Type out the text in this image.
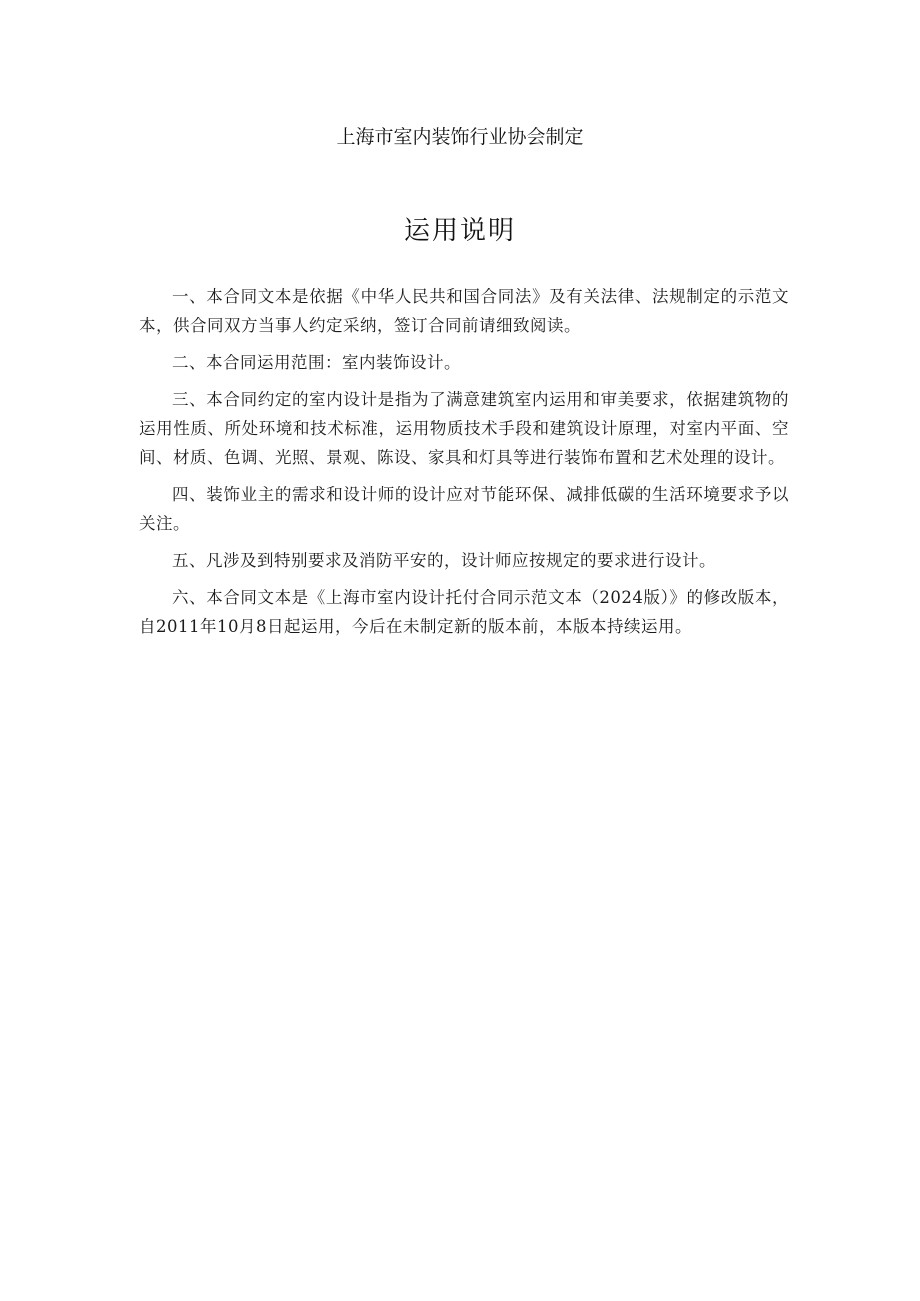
上海市室内装饰行业协会制定
运用说明

一、本合同文本是依据《中华人民共和国合同法》及有关法律、法规制定的示范文本，供合同双方当事人约定采纳，签订合同前请细致阅读。

二、本合同运用范围：室内装饰设计。

三、本合同约定的室内设计是指为了满意建筑室内运用和审美要求，依据建筑物的运用性质、所处环境和技术标准，运用物质技术手段和建筑设计原理，对室内平面、空间、材质、色调、光照、景观、陈设、家具和灯具等进行装饰布置和艺术处理的设计。

四、装饰业主的需求和设计师的设计应对节能环保、减排低碳的生活环境要求予以关注。

五、凡涉及到特别要求及消防平安的，设计师应按规定的要求进行设计。

六、本合同文本是《上海市室内设计托付合同示范文本（2024版）》的修改版本，自2011年10月8日起运用，今后在未制定新的版本前，本版本持续运用。
